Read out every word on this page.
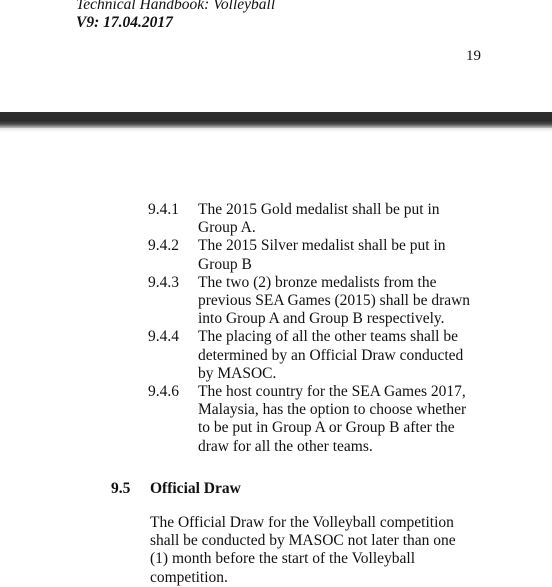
Technical Handbook: Volleyball
V9: 17.04.2017
19
9.4.1	The 2015 Gold medalist shall be put in
Group A.
9.4.2	The 2015 Silver medalist shall be put in
Group B
9.4.3	The two (2) bronze medalists from the
previous SEA Games (2015) shall be drawn
into Group A and Group B respectively.
9.4.4	The placing of all the other teams shall be
determined by an Official Draw conducted
by MASOC.
9.4.6	The host country for the SEA Games 2017,
Malaysia, has the option to choose whether
to be put in Group A or Group B after the
draw for all the other teams.
9.5	Official Draw
The Official Draw for the Volleyball competition
shall be conducted by MASOC not later than one
(1) month before the start of the Volleyball
competition.
